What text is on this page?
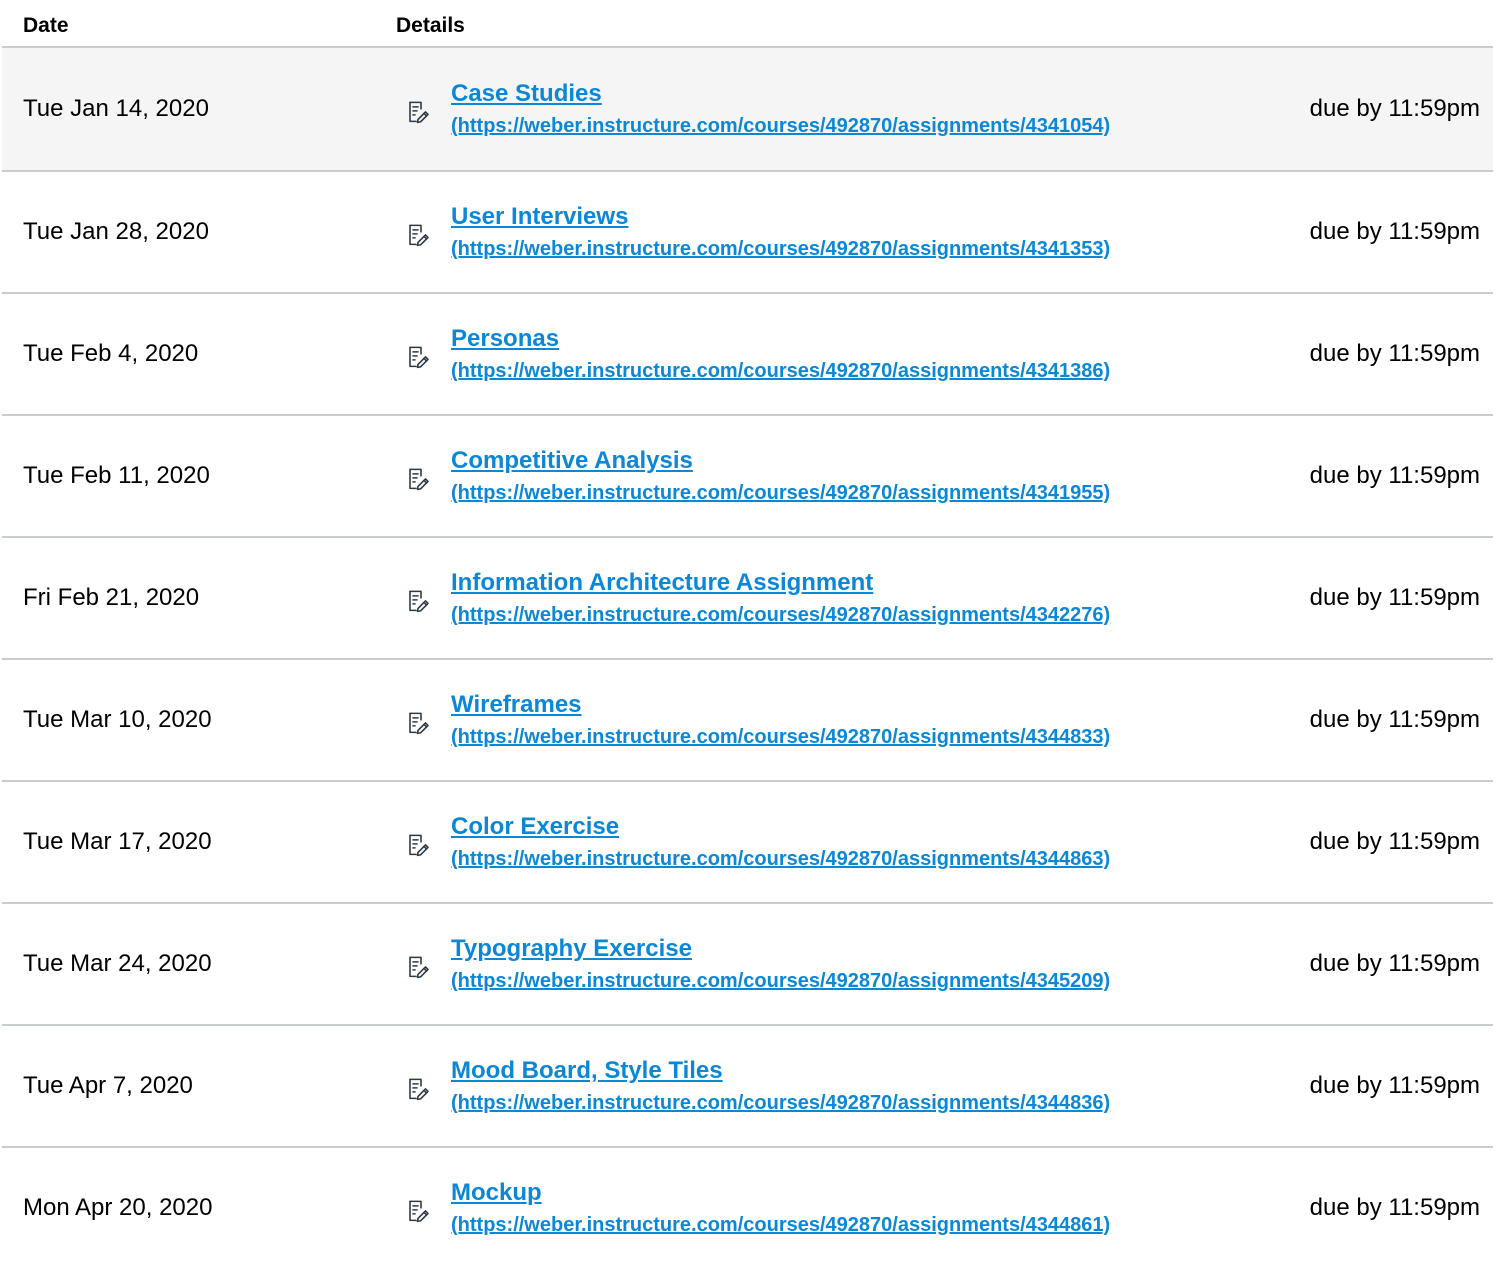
Date	Details
Tue Jan 14, 2020
Case Studies
(https://weber.instructure.com/courses/492870/assignments/4341054)
due by 11:59pm
Tue Jan 28, 2020
User Interviews
(https://weber.instructure.com/courses/492870/assignments/4341353)
due by 11:59pm
Tue Feb 4, 2020
Personas
(https://weber.instructure.com/courses/492870/assignments/4341386)
due by 11:59pm
Tue Feb 11, 2020
Competitive Analysis
(https://weber.instructure.com/courses/492870/assignments/4341955)
due by 11:59pm
Fri Feb 21, 2020
Information Architecture Assignment
(https://weber.instructure.com/courses/492870/assignments/4342276)
due by 11:59pm
Tue Mar 10, 2020
Wireframes
(https://weber.instructure.com/courses/492870/assignments/4344833)
due by 11:59pm
Tue Mar 17, 2020
Color Exercise
(https://weber.instructure.com/courses/492870/assignments/4344863)
due by 11:59pm
Tue Mar 24, 2020
Typography Exercise
(https://weber.instructure.com/courses/492870/assignments/4345209)
due by 11:59pm
Tue Apr 7, 2020
Mood Board, Style Tiles
(https://weber.instructure.com/courses/492870/assignments/4344836)
due by 11:59pm
Mon Apr 20, 2020
Mockup
(https://weber.instructure.com/courses/492870/assignments/4344861)
due by 11:59pm
